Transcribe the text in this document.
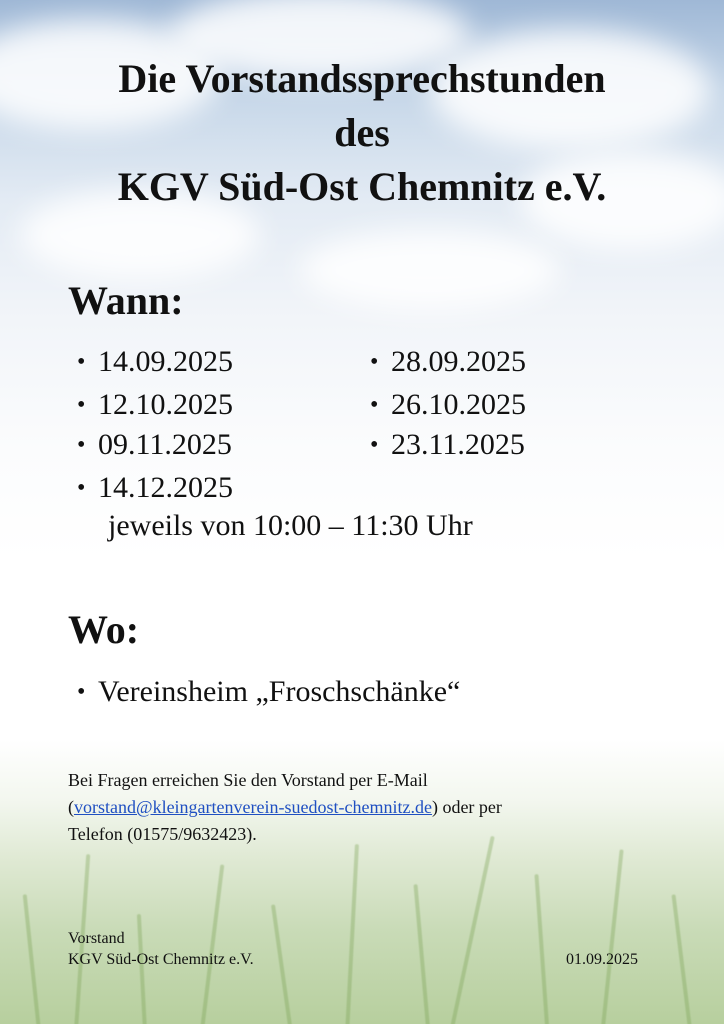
Die Vorstandssprechstunden
des
KGV Süd-Ost Chemnitz e.V.
Wann:
• 14.09.2025	• 28.09.2025
• 12.10.2025	• 26.10.2025
• 09.11.2025	• 23.11.2025
• 14.12.2025
jeweils von 10:00 – 11:30 Uhr
Wo:
• Vereinsheim „Froschschänke“
Bei Fragen erreichen Sie den Vorstand per E-Mail
(vorstand@kleingartenverein-suedost-chemnitz.de) oder per
Telefon (01575/9632423).
Vorstand
KGV Süd-Ost Chemnitz e.V.	01.09.2025
